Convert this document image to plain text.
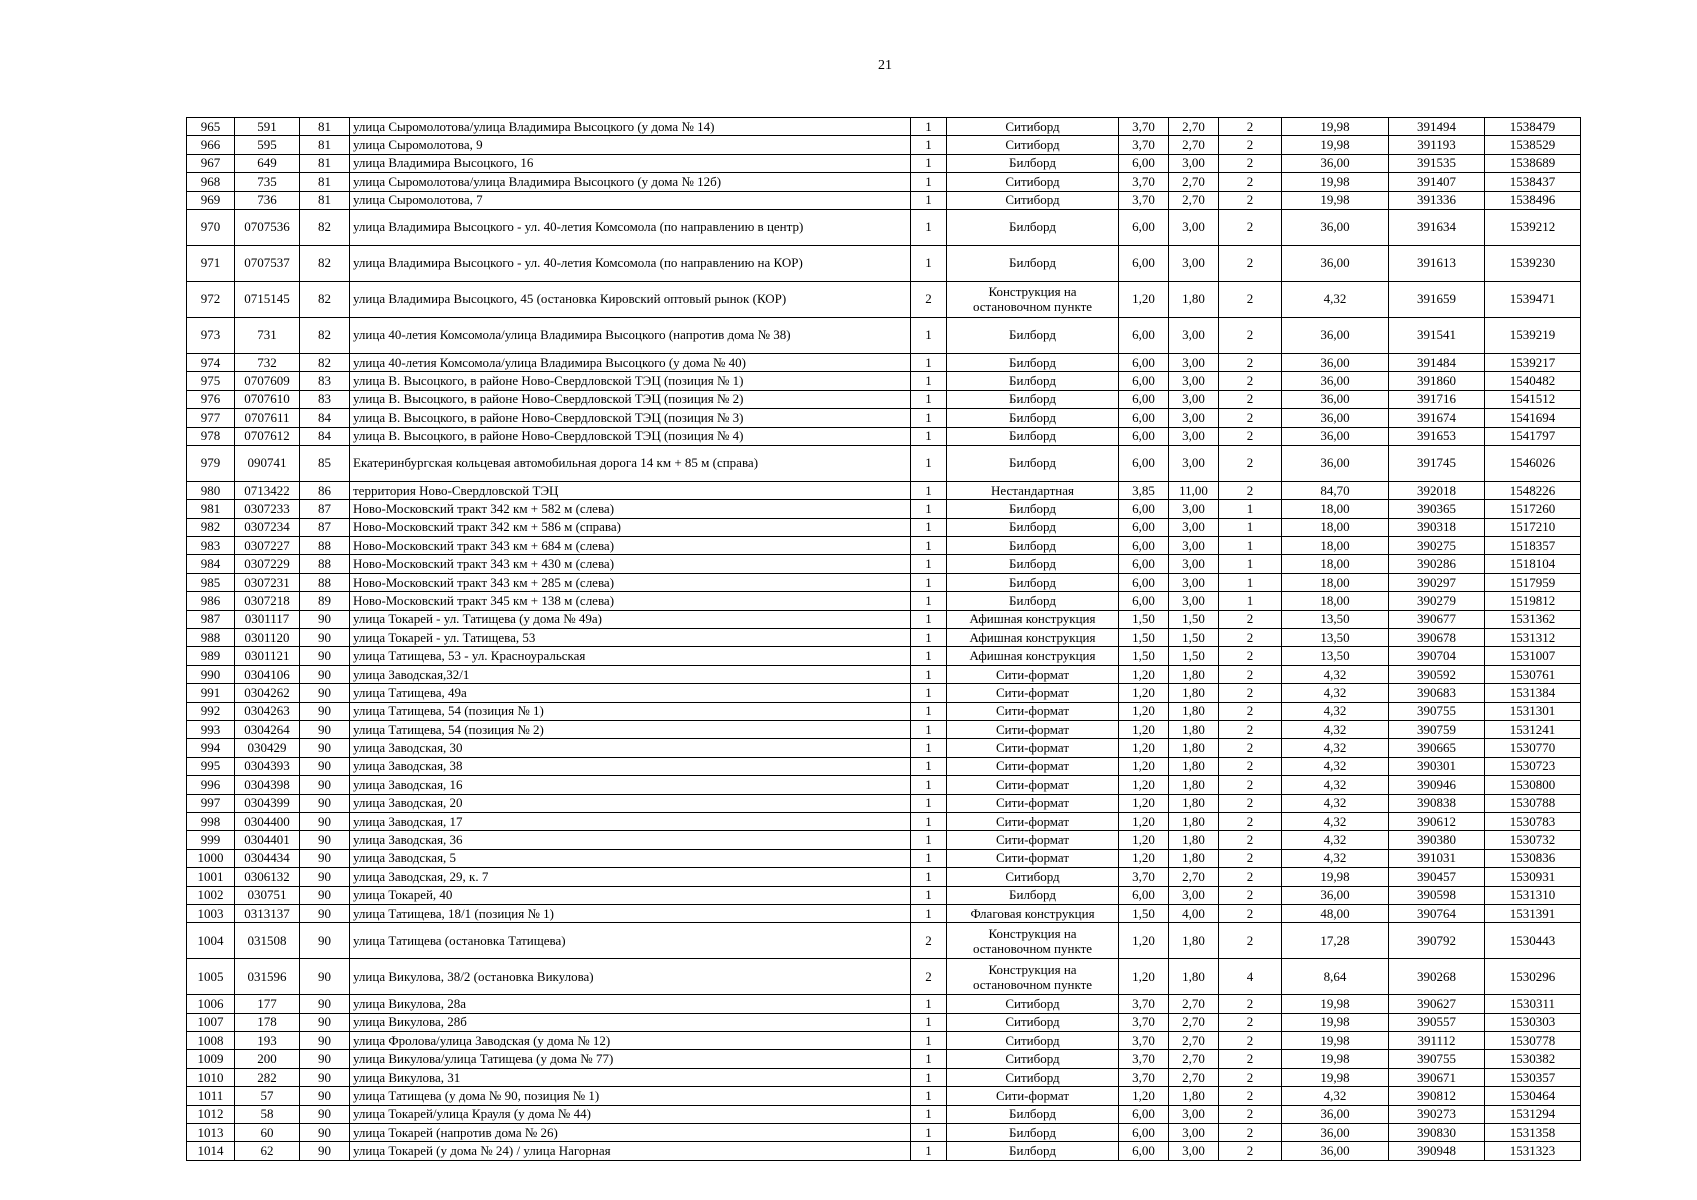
21
965	591	81	улица Сыромолотова/улица Владимира Высоцкого (у дома № 14)	1	Ситиборд	3,70	2,70	2	19,98	391494	1538479
966	595	81	улица Сыромолотова, 9	1	Ситиборд	3,70	2,70	2	19,98	391193	1538529
967	649	81	улица Владимира Высоцкого, 16	1	Билборд	6,00	3,00	2	36,00	391535	1538689
968	735	81	улица Сыромолотова/улица Владимира Высоцкого (у дома № 12б)	1	Ситиборд	3,70	2,70	2	19,98	391407	1538437
969	736	81	улица Сыромолотова, 7	1	Ситиборд	3,70	2,70	2	19,98	391336	1538496
970	0707536	82	улица Владимира Высоцкого - ул. 40-летия Комсомола (по направлению в центр)	1	Билборд	6,00	3,00	2	36,00	391634	1539212
971	0707537	82	улица Владимира Высоцкого - ул. 40-летия Комсомола (по направлению на КОР)	1	Билборд	6,00	3,00	2	36,00	391613	1539230
972	0715145	82	улица Владимира Высоцкого, 45 (остановка Кировский оптовый рынок (КОР)	2	Конструкция на остановочном пункте	1,20	1,80	2	4,32	391659	1539471
973	731	82	улица 40-летия Комсомола/улица Владимира Высоцкого (напротив дома № 38)	1	Билборд	6,00	3,00	2	36,00	391541	1539219
974	732	82	улица 40-летия Комсомола/улица Владимира Высоцкого (у дома № 40)	1	Билборд	6,00	3,00	2	36,00	391484	1539217
975	0707609	83	улица В. Высоцкого, в районе Ново-Свердловской ТЭЦ (позиция № 1)	1	Билборд	6,00	3,00	2	36,00	391860	1540482
976	0707610	83	улица В. Высоцкого, в районе Ново-Свердловской ТЭЦ (позиция № 2)	1	Билборд	6,00	3,00	2	36,00	391716	1541512
977	0707611	84	улица В. Высоцкого, в районе Ново-Свердловской ТЭЦ (позиция № 3)	1	Билборд	6,00	3,00	2	36,00	391674	1541694
978	0707612	84	улица В. Высоцкого, в районе Ново-Свердловской ТЭЦ (позиция № 4)	1	Билборд	6,00	3,00	2	36,00	391653	1541797
979	090741	85	Екатеринбургская кольцевая автомобильная дорога 14 км + 85 м (справа)	1	Билборд	6,00	3,00	2	36,00	391745	1546026
980	0713422	86	территория Ново-Свердловской ТЭЦ	1	Нестандартная	3,85	11,00	2	84,70	392018	1548226
981	0307233	87	Ново-Московский тракт 342 км + 582 м (слева)	1	Билборд	6,00	3,00	1	18,00	390365	1517260
982	0307234	87	Ново-Московский тракт 342 км + 586 м (справа)	1	Билборд	6,00	3,00	1	18,00	390318	1517210
983	0307227	88	Ново-Московский тракт 343 км + 684 м (слева)	1	Билборд	6,00	3,00	1	18,00	390275	1518357
984	0307229	88	Ново-Московский тракт 343 км + 430 м (слева)	1	Билборд	6,00	3,00	1	18,00	390286	1518104
985	0307231	88	Ново-Московский тракт 343 км + 285 м (слева)	1	Билборд	6,00	3,00	1	18,00	390297	1517959
986	0307218	89	Ново-Московский тракт 345 км + 138 м (слева)	1	Билборд	6,00	3,00	1	18,00	390279	1519812
987	0301117	90	улица Токарей - ул. Татищева (у дома № 49а)	1	Афишная конструкция	1,50	1,50	2	13,50	390677	1531362
988	0301120	90	улица Токарей - ул. Татищева, 53	1	Афишная конструкция	1,50	1,50	2	13,50	390678	1531312
989	0301121	90	улица Татищева, 53 - ул. Красноуральская	1	Афишная конструкция	1,50	1,50	2	13,50	390704	1531007
990	0304106	90	улица Заводская,32/1	1	Сити-формат	1,20	1,80	2	4,32	390592	1530761
991	0304262	90	улица Татищева, 49а	1	Сити-формат	1,20	1,80	2	4,32	390683	1531384
992	0304263	90	улица Татищева, 54 (позиция № 1)	1	Сити-формат	1,20	1,80	2	4,32	390755	1531301
993	0304264	90	улица Татищева, 54 (позиция № 2)	1	Сити-формат	1,20	1,80	2	4,32	390759	1531241
994	030429	90	улица Заводская, 30	1	Сити-формат	1,20	1,80	2	4,32	390665	1530770
995	0304393	90	улица Заводская, 38	1	Сити-формат	1,20	1,80	2	4,32	390301	1530723
996	0304398	90	улица Заводская, 16	1	Сити-формат	1,20	1,80	2	4,32	390946	1530800
997	0304399	90	улица Заводская, 20	1	Сити-формат	1,20	1,80	2	4,32	390838	1530788
998	0304400	90	улица Заводская, 17	1	Сити-формат	1,20	1,80	2	4,32	390612	1530783
999	0304401	90	улица Заводская, 36	1	Сити-формат	1,20	1,80	2	4,32	390380	1530732
1000	0304434	90	улица Заводская, 5	1	Сити-формат	1,20	1,80	2	4,32	391031	1530836
1001	0306132	90	улица Заводская, 29, к. 7	1	Ситиборд	3,70	2,70	2	19,98	390457	1530931
1002	030751	90	улица Токарей, 40	1	Билборд	6,00	3,00	2	36,00	390598	1531310
1003	0313137	90	улица Татищева, 18/1 (позиция № 1)	1	Флаговая конструкция	1,50	4,00	2	48,00	390764	1531391
1004	031508	90	улица Татищева (остановка Татищева)	2	Конструкция на остановочном пункте	1,20	1,80	2	17,28	390792	1530443
1005	031596	90	улица Викулова, 38/2 (остановка Викулова)	2	Конструкция на остановочном пункте	1,20	1,80	4	8,64	390268	1530296
1006	177	90	улица Викулова, 28а	1	Ситиборд	3,70	2,70	2	19,98	390627	1530311
1007	178	90	улица Викулова, 28б	1	Ситиборд	3,70	2,70	2	19,98	390557	1530303
1008	193	90	улица Фролова/улица Заводская (у дома № 12)	1	Ситиборд	3,70	2,70	2	19,98	391112	1530778
1009	200	90	улица Викулова/улица Татищева (у дома № 77)	1	Ситиборд	3,70	2,70	2	19,98	390755	1530382
1010	282	90	улица Викулова, 31	1	Ситиборд	3,70	2,70	2	19,98	390671	1530357
1011	57	90	улица Татищева (у дома № 90, позиция № 1)	1	Сити-формат	1,20	1,80	2	4,32	390812	1530464
1012	58	90	улица Токарей/улица Крауля (у дома № 44)	1	Билборд	6,00	3,00	2	36,00	390273	1531294
1013	60	90	улица Токарей (напротив дома № 26)	1	Билборд	6,00	3,00	2	36,00	390830	1531358
1014	62	90	улица Токарей (у дома № 24) / улица Нагорная	1	Билборд	6,00	3,00	2	36,00	390948	1531323
